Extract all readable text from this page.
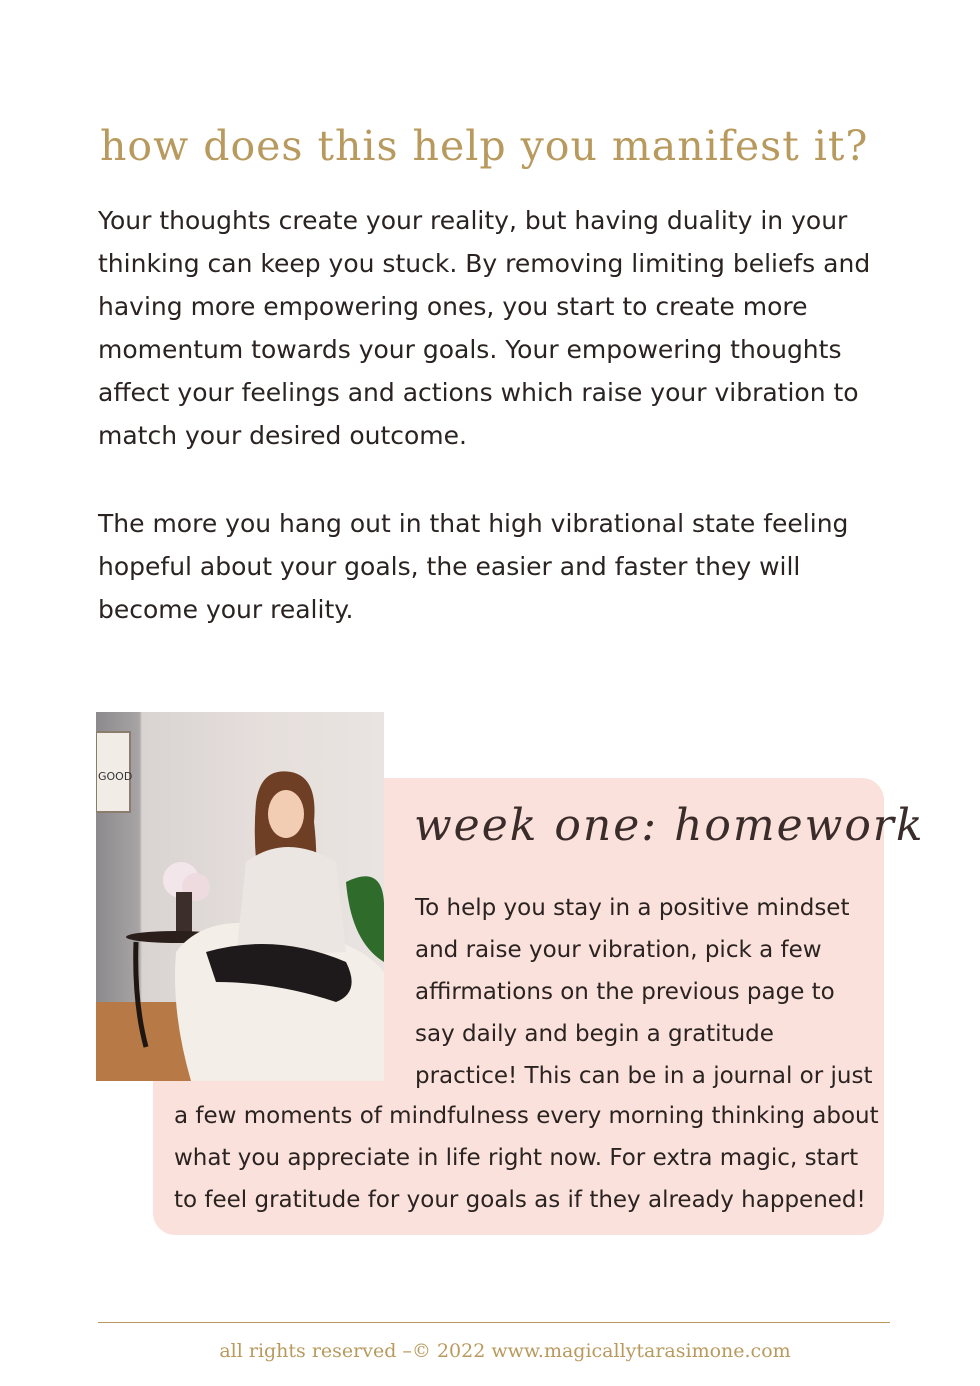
how does this help you manifest it?
Your thoughts create your reality, but having duality in your
thinking can keep you stuck. By removing limiting beliefs and
having more empowering ones, you start to create more
momentum towards your goals. Your empowering thoughts
affect your feelings and actions which raise your vibration to
match your desired outcome.
The more you hang out in that high vibrational state feeling
hopeful about your goals, the easier and faster they will
become your reality.
GOOD
week one: homework
To help you stay in a positive mindset
and raise your vibration, pick a few
affirmations on the previous page to
say daily and begin a gratitude
practice! This can be in a journal or just
a few moments of mindfulness every morning thinking about
what you appreciate in life right now. For extra magic, start
to feel gratitude for your goals as if they already happened!
all rights reserved –© 2022 www.magicallytarasimone.com
